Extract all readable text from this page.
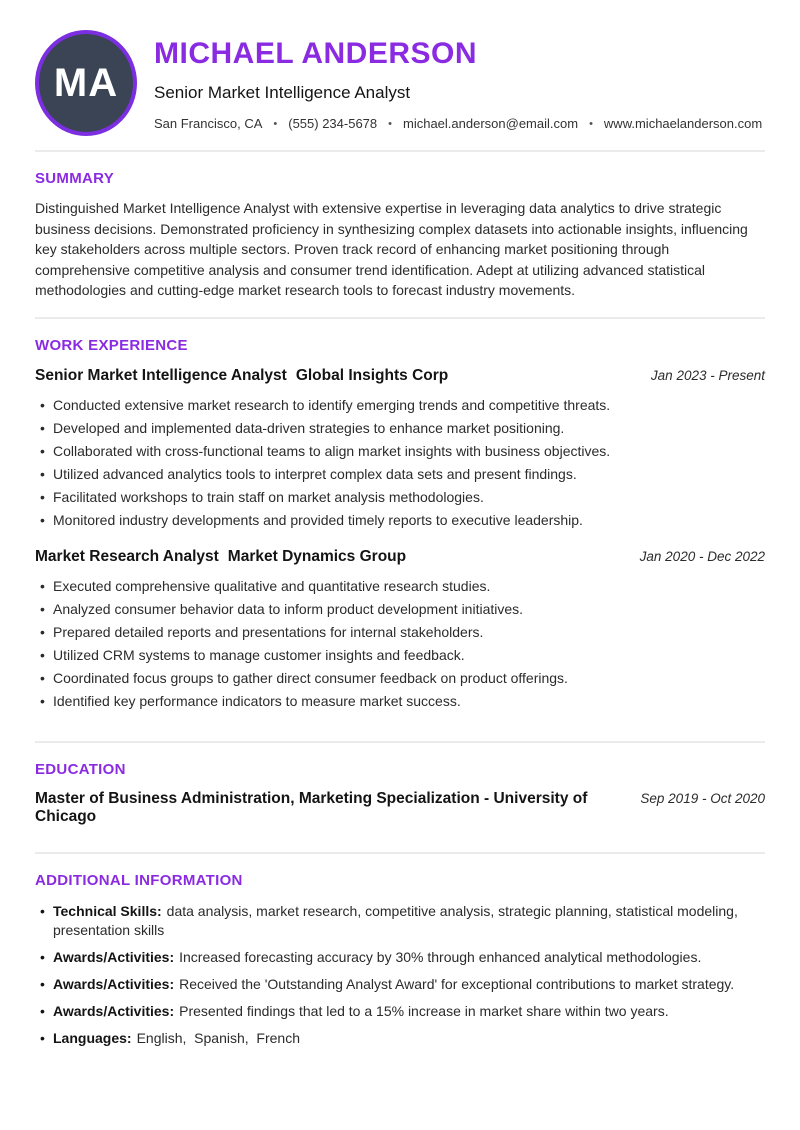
MA
MICHAEL ANDERSON
Senior Market Intelligence Analyst
San Francisco, CA • (555) 234-5678 • michael.anderson@email.com • www.michaelanderson.com
SUMMARY

Distinguished Market Intelligence Analyst with extensive expertise in leveraging data analytics to drive strategic business decisions. Demonstrated proficiency in synthesizing complex datasets into actionable insights, influencing key stakeholders across multiple sectors. Proven track record of enhancing market positioning through comprehensive competitive analysis and consumer trend identification. Adept at utilizing advanced statistical methodologies and cutting-edge market research tools to forecast industry movements.

WORK EXPERIENCE
Senior Market Intelligence Analyst Global Insights Corp	Jan 2023 - Present
• Conducted extensive market research to identify emerging trends and competitive threats.
• Developed and implemented data-driven strategies to enhance market positioning.
• Collaborated with cross-functional teams to align market insights with business objectives.
• Utilized advanced analytics tools to interpret complex data sets and present findings.
• Facilitated workshops to train staff on market analysis methodologies.
• Monitored industry developments and provided timely reports to executive leadership.
Market Research Analyst Market Dynamics Group	Jan 2020 - Dec 2022
• Executed comprehensive qualitative and quantitative research studies.
• Analyzed consumer behavior data to inform product development initiatives.
• Prepared detailed reports and presentations for internal stakeholders.
• Utilized CRM systems to manage customer insights and feedback.
• Coordinated focus groups to gather direct consumer feedback on product offerings.
• Identified key performance indicators to measure market success.
EDUCATION
Master of Business Administration, Marketing Specialization - University of Chicago
Sep 2019 - Oct 2020
ADDITIONAL INFORMATION
• Technical Skills: data analysis, market research, competitive analysis, strategic planning, statistical modeling, presentation skills
• Awards/Activities: Increased forecasting accuracy by 30% through enhanced analytical methodologies.
• Awards/Activities: Received the 'Outstanding Analyst Award' for exceptional contributions to market strategy.
• Awards/Activities: Presented findings that led to a 15% increase in market share within two years.
• Languages: English,  Spanish,  French
